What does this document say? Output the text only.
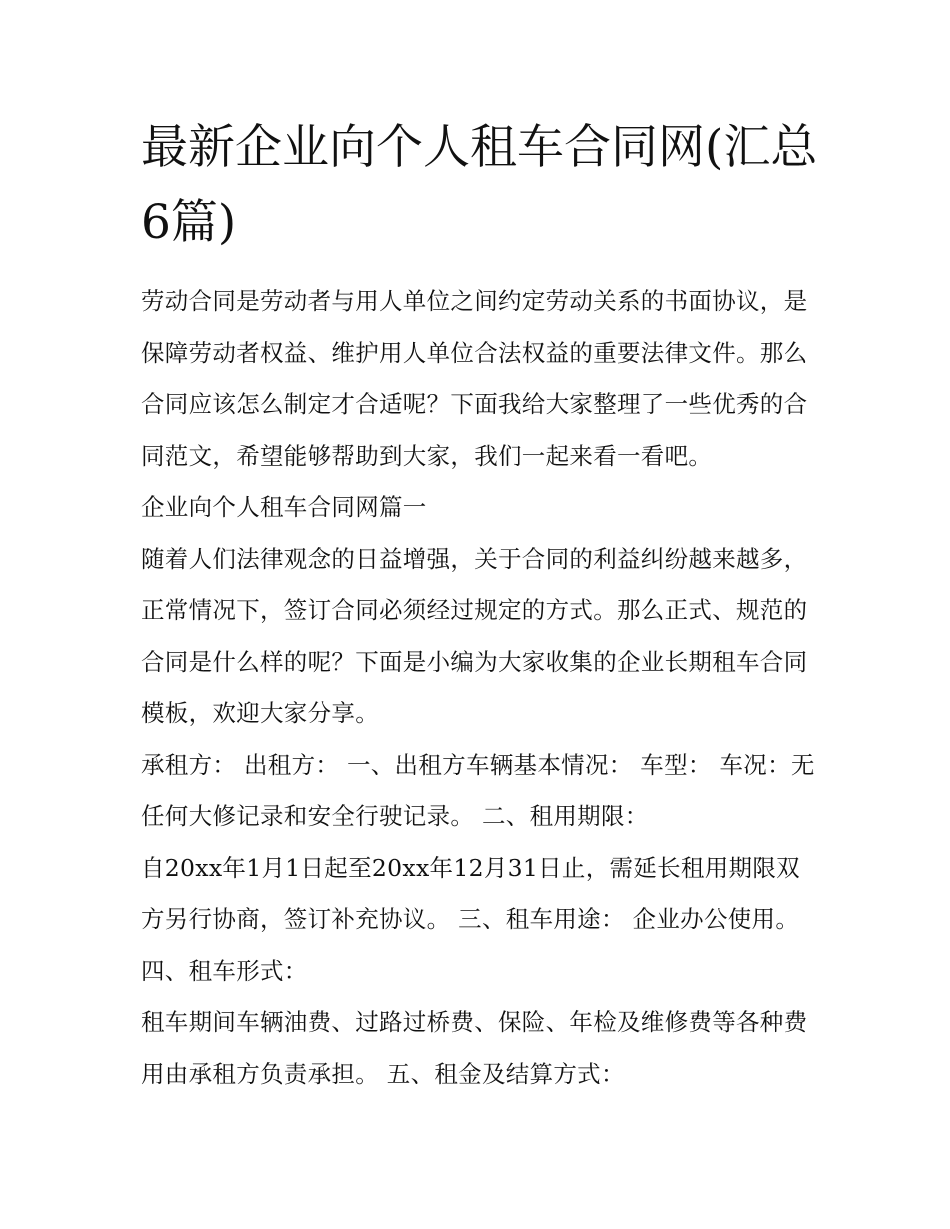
最新企业向个人租车合同网(汇总6篇)

劳动合同是劳动者与用人单位之间约定劳动关系的书面协议，是保障劳动者权益、维护用人单位合法权益的重要法律文件。那么合同应该怎么制定才合适呢？下面我给大家整理了一些优秀的合同范文，希望能够帮助到大家，我们一起来看一看吧。

企业向个人租车合同网篇一

随着人们法律观念的日益增强，关于合同的利益纠纷越来越多，正常情况下，签订合同必须经过规定的方式。那么正式、规范的合同是什么样的呢？下面是小编为大家收集的企业长期租车合同模板，欢迎大家分享。

承租方： 出租方： 一、出租方车辆基本情况： 车型： 车况：无任何大修记录和安全行驶记录。 二、租用期限：

自20xx年1月1日起至20xx年12月31日止，需延长租用期限双方另行协商，签订补充协议。 三、租车用途： 企业办公使用。 四、租车形式：

租车期间车辆油费、过路过桥费、保险、年检及维修费等各种费用由承租方负责承担。 五、租金及结算方式：
